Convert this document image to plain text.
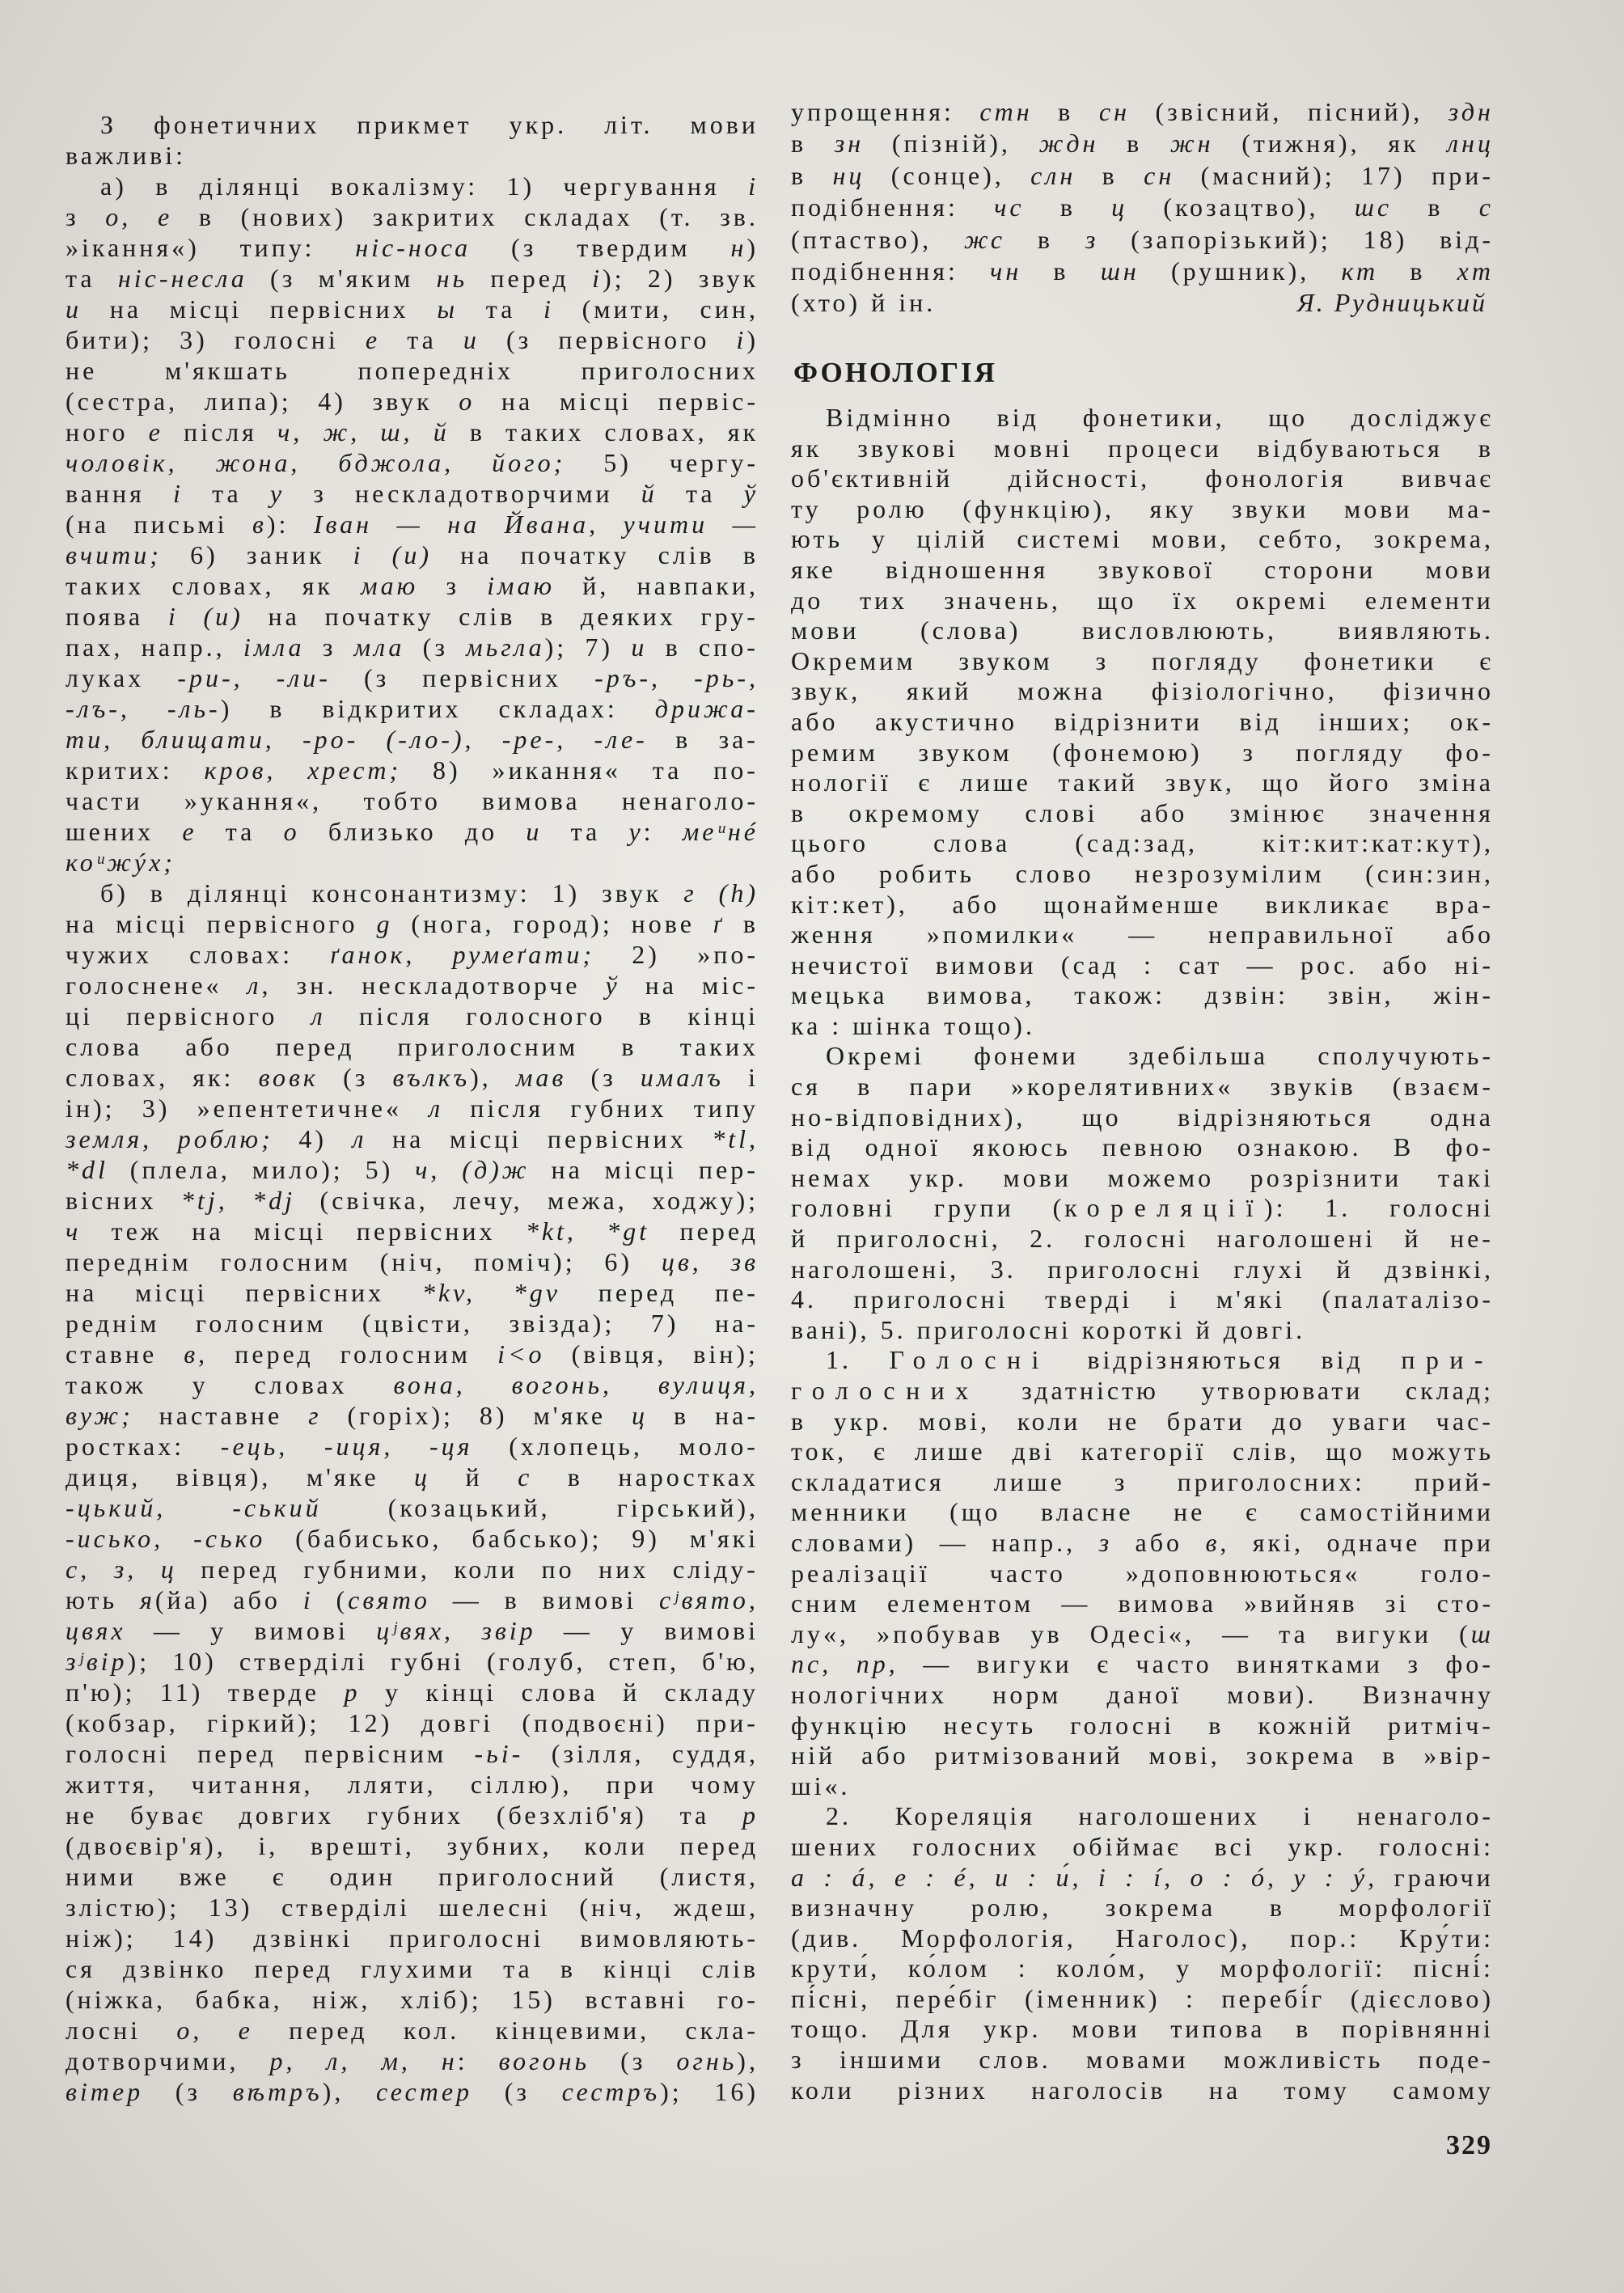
З фонетичних прикмет укр. літ. мови
важливі:
а) в ділянці вокалізму: 1) чергування і
з о, е в (нових) закритих складах (т. зв.
»ікання«) типу: ніс-носа (з твердим н)
та ніс-несла (з м'яким нь перед і); 2) звук
и на місці первісних ы та і (мити, син,
бити); 3) голосні е та и (з первісного і)
не	м'якшать	попередніх	приголосних
(сестра, липа); 4) звук о на місці первіс-
ного е після ч, ж, ш, й в таких словах, як
чоловік, жона, бджола, його; 5) чергу-
вання і та у з нескладотворчими й та ў
(на письмі в): Іван — на Йвана, учити —
вчити; 6) заник і (и) на початку слів в
таких словах, як маю з імаю й, навпаки,
поява і (и) на початку слів в деяких гру-
пах, напр., імла з мла (з мьгла); 7) и в спо-
луках -ри-, -ли- (з первісних -ръ-, -рь-,
-лъ-, -ль-) в відкритих складах: дрижа-
ти, блищати, -ро- (-ло-), -ре-, -ле- в за-
критих: кров, хрест; 8) »икання« та по-
части »укання«, тобто вимова ненаголо-
шених е та о близько до и та у: меᵘнé
коᵘжýх;
б) в ділянці консонантизму: 1) звук г (h)
на місці первісного g (нога, город); нове ґ в
чужих словах: ґанок, румеґати; 2) »по-
голоснене« л, зн. нескладотворче ў на міс-
ці первісного л після голосного в кінці
слова або перед приголосним в таких
словах, як: вовк (з вълкъ), мав (з ималъ і
ін); 3) »епентетичне« л після губних типу
земля, роблю; 4) л на місці первісних *tl,
*dl (плела, мило); 5) ч, (д)ж на місці пер-
вісних *tj, *dj (свічка, лечу, межа, ходжу);
ч теж на місці первісних *kt, *gt перед
переднім голосним (ніч, поміч); 6) цв, зв
на місці первісних *kv, *gv перед пе-
реднім голосним (цвісти, звізда); 7) на-
ставне в, перед голосним і<о (вівця, він);
також у словах вона, вогонь, вулиця,
вуж; наставне г (горіх); 8) м'яке ц в на-
ростках: -ець, -иця, -ця (хлопець, моло-
диця, вівця), м'яке ц й с в наростках
-цький,	-ський	(козацький,	гірський),
-исько, -сько (бабисько, бабсько); 9) м'які
с, з, ц перед губними, коли по них сліду-
ють я(йа) або і (свято — в вимові сʲвято,
цвях — у вимові цʲвях, звір — у вимові
зʲвір); 10) стверділі губні (голуб, степ, б'ю,
п'ю); 11) тверде р у кінці слова й складу
(кобзар, гіркий); 12) довгі (подвоєні) при-
голосні перед первісним -ьі- (зілля, суддя,
життя, читання, лляти, сіллю), при чому
не буває довгих губних (безхліб'я) та р
(двоєвір'я), і, врешті, зубних, коли перед
ними вже є один приголосний (листя,
злістю); 13) стверділі шелесні (ніч, ждеш,
ніж); 14) дзвінкі приголосні вимовляють-
ся дзвінко перед глухими та в кінці слів
(ніжка, бабка, ніж, хліб); 15) вставні го-
лосні о, е перед кол. кінцевими, скла-
дотворчими, р, л, м, н: вогонь (з огнь),
вітер (з вѣтръ), сестер (з сестръ); 16)
упрощення: стн в сн (звісний, пісний), здн
в зн (пізній), ждн в жн (тижня), як лнц
в нц (сонце), слн в сн (масний); 17) при-
подібнення: чс в ц (козацтво), шс в с
(птаство), жс в з (запорізький); 18) від-
подібнення: чн в шн (рушник), кт в хт
(хто) й ін.	Я. Рудницький
ФОНОЛОГІЯ
Відмінно від фонетики, що досліджує
як звукові мовні процеси відбуваються в
об'єктивній дійсності, фонологія вивчає
ту ролю (функцію), яку звуки мови ма-
ють у цілій системі мови, себто, зокрема,
яке відношення звукової сторони мови
до тих значень, що їх окремі елементи
мови (слова) висловлюють, виявляють.
Окремим звуком з погляду фонетики є
звук, який можна фізіологічно, фізично
або акустично відрізнити від інших; ок-
ремим звуком (фонемою) з погляду фо-
нології є лише такий звук, що його зміна
в окремому слові або змінює значення
цього	слова	(сад:зад,	кіт:кит:кат:кут),
або робить слово незрозумілим (син:зин,
кіт:кет), або щонайменше викликає вра-
ження »помилки« — неправильної або
нечистої вимови (сад : сат — рос. або ні-
мецька вимова, також: дзвін: звін, жін-
ка : шінка тощо).
Окремі фонеми здебільша сполучують-
ся в пари »корелятивних« звуків (взаєм-
но-відповідних), що відрізняються одна
від одної якоюсь певною ознакою. В фо-
немах укр. мови можемо розрізнити такі
головні групи (кореляції): 1. голосні
й приголосні, 2. голосні наголошені й не-
наголошені, 3. приголосні глухі й дзвінкі,
4. приголосні тверді і м'які (палаталізо-
вані), 5. приголосні короткі й довгі.
1. Голосні відрізняються від при-
голосних здатністю утворювати склад;
в укр. мові, коли не брати до уваги час-
ток, є лише дві категорії слів, що можуть
складатися лише з приголосних: прий-
менники (що власне не є самостійними
словами) — напр., з або в, які, одначе при
реалізації часто »доповнюються« голо-
сним елементом — вимова »вийняв зі сто-
лу«, »побував ув Одесі«, — та вигуки (ш
пс, пр, — вигуки є часто винятками з фо-
нологічних норм даної мови). Визначну
функцію несуть голосні в кожній ритміч-
ній або ритмізований мові, зокрема в »вір-
ші«.
2. Кореляція наголошених і ненаголо-
шених голосних обіймає всі укр. голосні:
а : á, е : é, и : и́, і : í, о : ó, у : ý, граючи
визначну ролю, зокрема в морфології
(див. Морфологія, Наголос), пор.: Кру́ти:
крути́, ко́лом : коло́м, у морфології: пісні́:
пі́сні, пере́біг (іменник) : перебі́г (дієслово)
тощо. Для укр. мови типова в порівнянні
з іншими слов. мовами можливість поде-
коли різних наголосів на тому самому
329
